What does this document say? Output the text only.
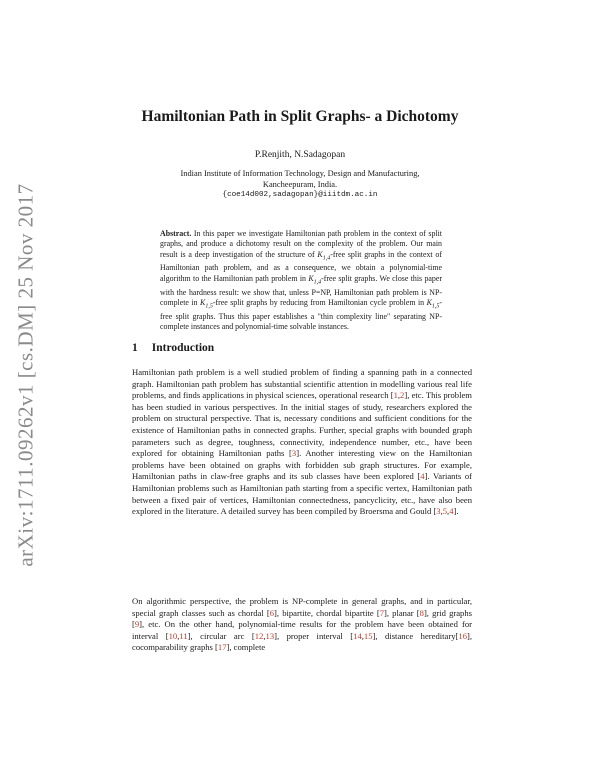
arXiv:1711.09262v1 [cs.DM] 25 Nov 2017
Hamiltonian Path in Split Graphs- a Dichotomy
P.Renjith, N.Sadagopan
Indian Institute of Information Technology, Design and Manufacturing,
Kancheepuram, India.
{coe14d002,sadagopan}@iiitdm.ac.in
Abstract. In this paper we investigate Hamiltonian path problem in the context of split graphs, and produce a dichotomy result on the complexity of the problem. Our main result is a deep investigation of the structure of $K_{1,4}$-free split graphs in the context of Hamiltonian path problem, and as a consequence, we obtain a polynomial-time algorithm to the Hamiltonian path problem in $K_{1,4}$-free split graphs. We close this paper with the hardness result: we show that, unless P=NP, Hamiltonian path problem is NP-complete in $K_{1,5}$-free split graphs by reducing from Hamiltonian cycle problem in $K_{1,5}$-free split graphs. Thus this paper establishes a "thin complexity line" separating NP-complete instances and polynomial-time solvable instances.
1 Introduction
Hamiltonian path problem is a well studied problem of finding a spanning path in a connected graph. Hamiltonian path problem has substantial scientific attention in modelling various real life problems, and finds applications in physical sciences, operational research [1,2], etc. This problem has been studied in various perspectives. In the initial stages of study, researchers explored the problem on structural perspective. That is, necessary conditions and sufficient conditions for the existence of Hamiltonian paths in connected graphs. Further, special graphs with bounded graph parameters such as degree, toughness, connectivity, independence number, etc., have been explored for obtaining Hamiltonian paths [3]. Another interesting view on the Hamiltonian problems have been obtained on graphs with forbidden sub graph structures. For example, Hamiltonian paths in claw-free graphs and its sub classes have been explored [4]. Variants of Hamiltonian problems such as Hamiltonian path starting from a specific vertex, Hamiltonian path between a fixed pair of vertices, Hamiltonian connectedness, pancyclicity, etc., have also been explored in the literature. A detailed survey has been compiled by Broersma and Gould [3,5,4].
On algorithmic perspective, the problem is NP-complete in general graphs, and in particular, special graph classes such as chordal [6], bipartite, chordal bipartite [7], planar [8], grid graphs [9], etc. On the other hand, polynomial-time results for the problem have been obtained for interval [10,11], circular arc [12,13], proper interval [14,15], distance hereditary[16], cocomparability graphs [17], complete
